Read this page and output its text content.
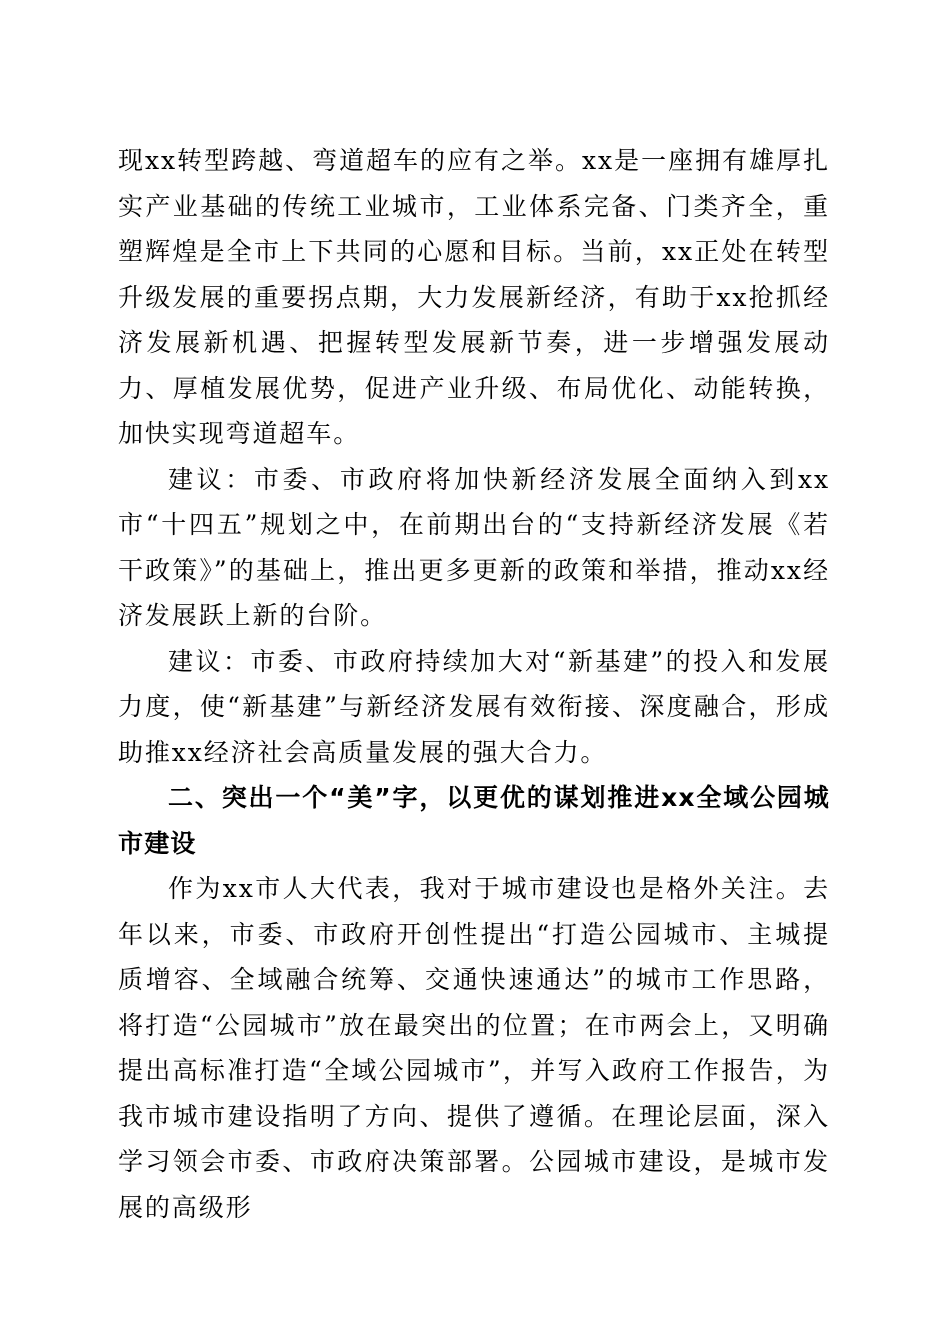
现xx转型跨越、弯道超车的应有之举。xx是一座拥有雄厚扎实产业基础的传统工业城市，工业体系完备、门类齐全，重塑辉煌是全市上下共同的心愿和目标。当前，xx正处在转型升级发展的重要拐点期，大力发展新经济，有助于xx抢抓经济发展新机遇、把握转型发展新节奏，进一步增强发展动力、厚植发展优势，促进产业升级、布局优化、动能转换，加快实现弯道超车。

建议：市委、市政府将加快新经济发展全面纳入到xx市“十四五”规划之中，在前期出台的“支持新经济发展《若干政策》”的基础上，推出更多更新的政策和举措，推动xx经济发展跃上新的台阶。

建议：市委、市政府持续加大对“新基建”的投入和发展力度，使“新基建”与新经济发展有效衔接、深度融合，形成助推xx经济社会高质量发展的强大合力。

二、突出一个“美”字，以更优的谋划推进xx全域公园城市建设

作为xx市人大代表，我对于城市建设也是格外关注。去年以来，市委、市政府开创性提出“打造公园城市、主城提质增容、全域融合统筹、交通快速通达”的城市工作思路，将打造“公园城市”放在最突出的位置；在市两会上，又明确提出高标准打造“全域公园城市”，并写入政府工作报告，为我市城市建设指明了方向、提供了遵循。在理论层面，深入学习领会市委、市政府决策部署。公园城市建设，是城市发展的高级形
